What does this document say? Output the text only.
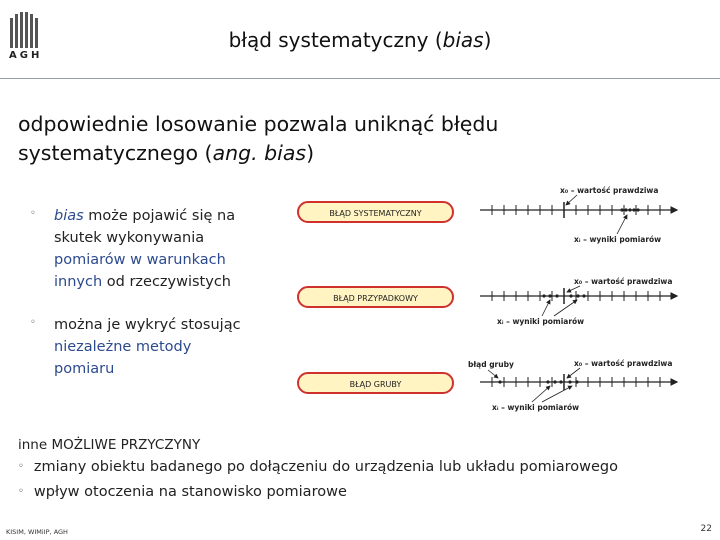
AGH
błąd systematyczny (bias)
odpowiednie losowanie pozwala uniknąć błędu
systematycznego (ang. bias)
◦ bias może pojawić się na
skutek wykonywania
pomiarów w warunkach
innych od rzeczywistych
◦ można je wykryć stosując
niezależne metody
pomiaru
BŁĄD SYSTEMATYCZNY
x₀ – wartość prawdziwa
xᵢ – wyniki pomiarów
BŁĄD PRZYPADKOWY
x₀ – wartość prawdziwa
xᵢ – wyniki pomiarów
BŁĄD GRUBY
błąd gruby	x₀ – wartość prawdziwa
xᵢ – wyniki pomiarów
inne MOŻLIWE PRZYCZYNY
◦ zmiany obiektu badanego po dołączeniu do urządzenia lub układu pomiarowego
◦ wpływ otoczenia na stanowisko pomiarowe
KISIM, WIMiIP, AGH	22
